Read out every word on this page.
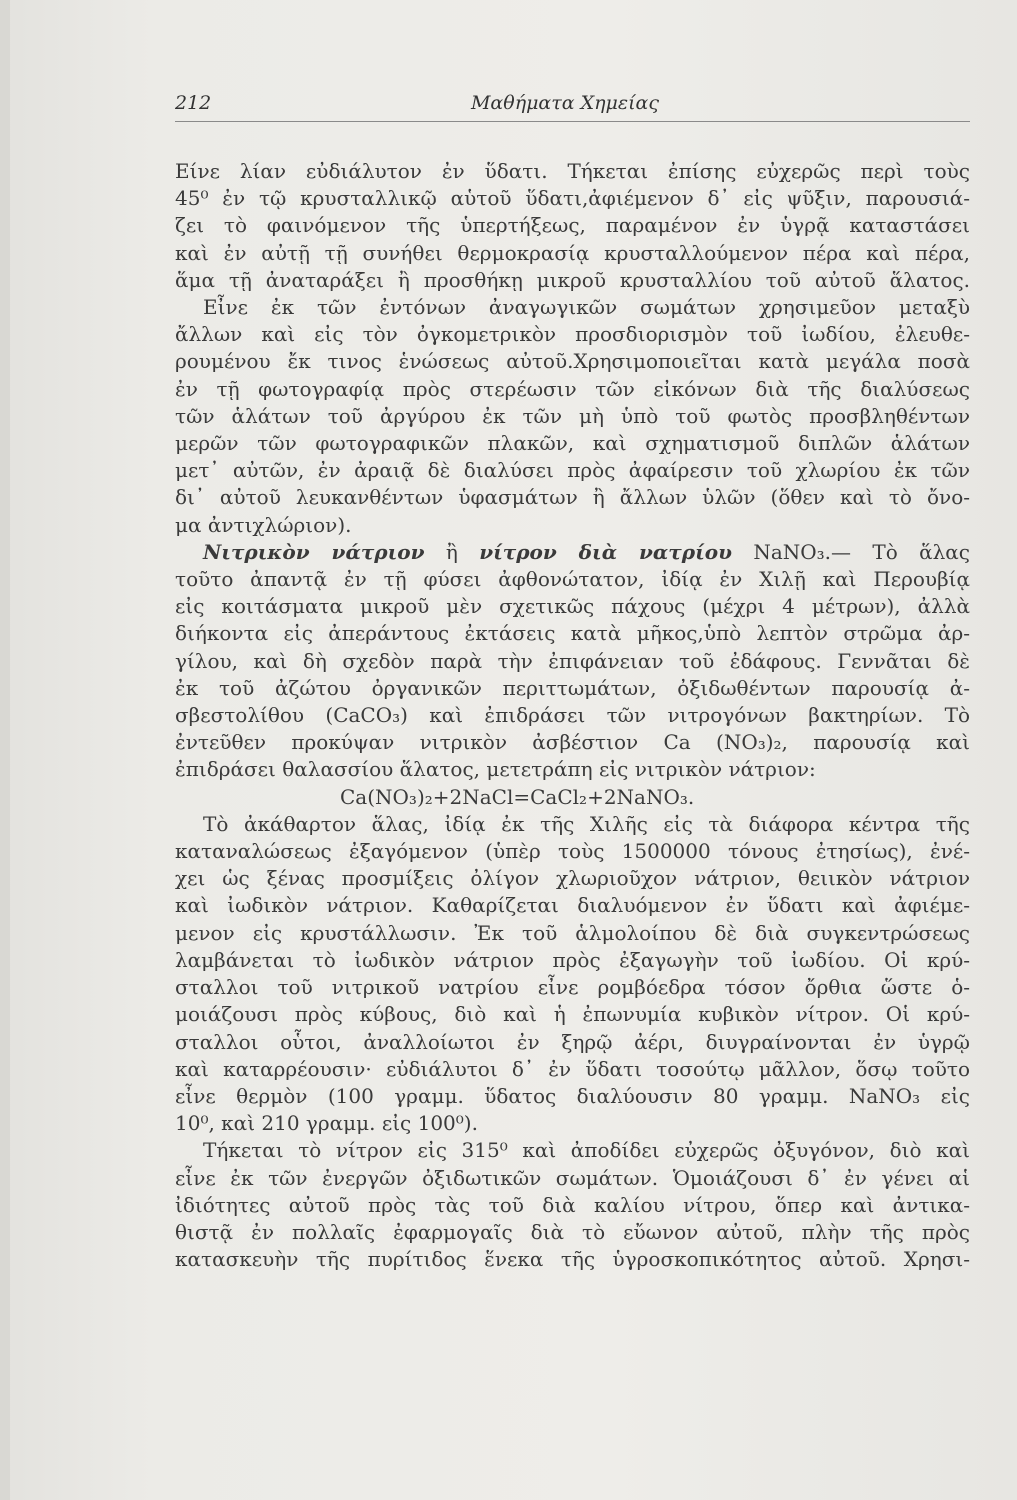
212	Μαθήματα Χημείας

Είνε λίαν εὐδιάλυτον ἐν ὕδατι. Τήκεται ἐπίσης εὐχερῶς περὶ τοὺς

45⁰ ἐν τῷ κρυσταλλικῷ αὑτοῦ ὕδατι,ἀφιέμενον δ᾽ εἰς ψῦξιν, παρουσιά-

ζει τὸ φαινόμενον τῆς ὑπερτήξεως, παραμένον ἐν ὑγρᾷ καταστάσει

καὶ ἐν αὐτῇ τῇ συνήθει θερμοκρασίᾳ κρυσταλλούμενον πέρα καὶ πέρα,

ἅμα τῇ ἀναταράξει ἢ προσθήκῃ μικροῦ κρυσταλλίου τοῦ αὐτοῦ ἅλατος.

Εἶνε ἐκ τῶν ἐντόνων ἀναγωγικῶν σωμάτων χρησιμεῦον μεταξὺ

ἄλλων καὶ εἰς τὸν ὀγκομετρικὸν προσδιορισμὸν τοῦ ἰωδίου, ἐλευθε-

ρουμένου ἔκ τινος ἑνώσεως αὐτοῦ.Χρησιμοποιεῖται κατὰ μεγάλα ποσὰ

ἐν τῇ φωτογραφίᾳ πρὸς στερέωσιν τῶν εἰκόνων διὰ τῆς διαλύσεως

τῶν ἁλάτων τοῦ ἀργύρου ἐκ τῶν μὴ ὑπὸ τοῦ φωτὸς προσβληθέντων

μερῶν τῶν φωτογραφικῶν πλακῶν, καὶ σχηματισμοῦ διπλῶν ἁλάτων

μετ᾽ αὐτῶν, ἐν ἀραιᾷ δὲ διαλύσει πρὸς ἀφαίρεσιν τοῦ χλωρίου ἐκ τῶν

δι᾽ αὐτοῦ λευκανθέντων ὑφασμάτων ἢ ἄλλων ὑλῶν (ὅθεν καὶ τὸ ὄνο-

μα ἀντιχλώριον).

Νιτρικὸν νάτριον ἢ νίτρον διὰ νατρίου NaNO₃.— Τὸ ἅλας

τοῦτο ἀπαντᾷ ἐν τῇ φύσει ἀφθονώτατον, ἰδίᾳ ἐν Χιλῇ καὶ Περουβίᾳ

εἰς κοιτάσματα μικροῦ μὲν σχετικῶς πάχους (μέχρι 4 μέτρων), ἀλλὰ

διήκοντα εἰς ἀπεράντους ἐκτάσεις κατὰ μῆκος,ὑπὸ λεπτὸν στρῶμα ἀρ-

γίλου, καὶ δὴ σχεδὸν παρὰ τὴν ἐπιφάνειαν τοῦ ἐδάφους. Γεννᾶται δὲ

ἐκ τοῦ ἀζώτου ὀργανικῶν περιττωμάτων, ὀξιδωθέντων παρουσίᾳ ἀ-

σβεστολίθου (CaCO₃) καὶ ἐπιδράσει τῶν νιτρογόνων βακτηρίων. Τὸ

ἐντεῦθεν προκύψαν νιτρικὸν ἀσβέστιον Ca (NO₃)₂, παρουσίᾳ καὶ

ἐπιδράσει θαλασσίου ἅλατος, μετετράπη εἰς νιτρικὸν νάτριον:

Ca(NO₃)₂+2NaCl=CaCl₂+2NaNO₃.

Τὸ ἀκάθαρτον ἅλας, ἰδίᾳ ἐκ τῆς Χιλῆς εἰς τὰ διάφορα κέντρα τῆς

καταναλώσεως ἐξαγόμενον (ὑπὲρ τοὺς 1500000 τόνους ἐτησίως), ἐνέ-

χει ὡς ξένας προσμίξεις ὀλίγον χλωριοῦχον νάτριον, θειικὸν νάτριον

καὶ ἰωδικὸν νάτριον. Καθαρίζεται διαλυόμενον ἐν ὕδατι καὶ ἀφιέμε-

μενον εἰς κρυστάλλωσιν. Ἐκ τοῦ ἁλμολοίπου δὲ διὰ συγκεντρώσεως

λαμβάνεται τὸ ἰωδικὸν νάτριον πρὸς ἐξαγωγὴν τοῦ ἰωδίου. Οἱ κρύ-

σταλλοι τοῦ νιτρικοῦ νατρίου εἶνε ρομβόεδρα τόσον ὄρθια ὥστε ὁ-

μοιάζουσι πρὸς κύβους, διὸ καὶ ἡ ἐπωνυμία κυβικὸν νίτρον. Οἱ κρύ-

σταλλοι οὗτοι, ἀναλλοίωτοι ἐν ξηρῷ ἀέρι, διυγραίνονται ἐν ὑγρῷ

καὶ καταρρέουσιν· εὐδιάλυτοι δ᾽ ἐν ὕδατι τοσούτῳ μᾶλλον, ὅσῳ τοῦτο

εἶνε θερμὸν (100 γραμμ. ὕδατος διαλύουσιν 80 γραμμ. NaNO₃ εἰς

10⁰, καὶ 210 γραμμ. εἰς 100⁰).

Τήκεται τὸ νίτρον εἰς 315⁰ καὶ ἀποδίδει εὐχερῶς ὀξυγόνον, διὸ καὶ

εἶνε ἐκ τῶν ἐνεργῶν ὀξιδωτικῶν σωμάτων. Ὁμοιάζουσι δ᾽ ἐν γένει αἱ

ἰδιότητες αὐτοῦ πρὸς τὰς τοῦ διὰ καλίου νίτρου, ὅπερ καὶ ἀντικα-

θιστᾷ ἐν πολλαῖς ἐφαρμογαῖς διὰ τὸ εὔωνον αὐτοῦ, πλὴν τῆς πρὸς

κατασκευὴν τῆς πυρίτιδος ἕνεκα τῆς ὑγροσκοπικότητος αὐτοῦ. Χρησι-
